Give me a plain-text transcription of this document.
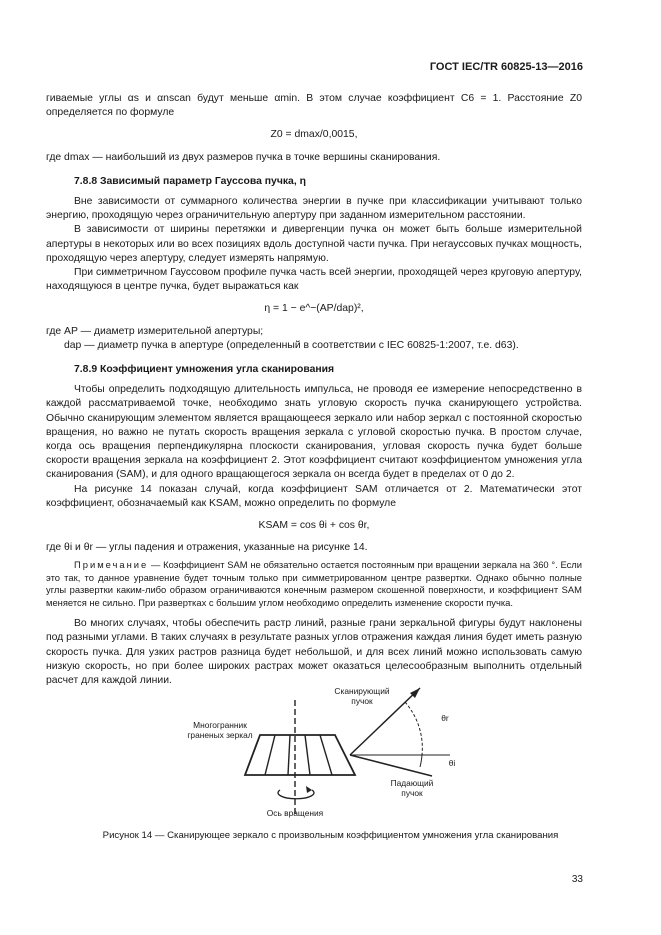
ГОСТ IEC/TR 60825-13—2016

гиваемые углы αs и αnscan будут меньше αmin. В этом случае коэффициент C6 = 1. Расстояние Z0 определяется по формуле

Z0 = dmax/0,0015,

где dmax — наибольший из двух размеров пучка в точке вершины сканирования.

7.8.8 Зависимый параметр Гауссова пучка, η

Вне зависимости от суммарного количества энергии в пучке при классификации учитывают только энергию, проходящую через ограничительную апертуру при заданном измерительном расстоянии.

В зависимости от ширины перетяжки и дивергенции пучка он может быть больше измерительной апертуры в некоторых или во всех позициях вдоль доступной части пучка. При негауссовых пучках мощность, проходящую через апертуру, следует измерять напрямую.

При симметричном Гауссовом профиле пучка часть всей энергии, проходящей через круговую апертуру, находящуюся в центре пучка, будет выражаться как

η = 1 − e^−(AP/dap)²,

где AP — диаметр измерительной апертуры;

dap — диаметр пучка в апертуре (определенный в соответствии с IEC 60825-1:2007, т.е. d63).

7.8.9 Коэффициент умножения угла сканирования

Чтобы определить подходящую длительность импульса, не проводя ее измерение непосредственно в каждой рассматриваемой точке, необходимо знать угловую скорость пучка сканирующего устройства. Обычно сканирующим элементом является вращающееся зеркало или набор зеркал с постоянной скоростью вращения, но важно не путать скорость вращения зеркала с угловой скоростью пучка. В простом случае, когда ось вращения перпендикулярна плоскости сканирования, угловая скорость пучка будет больше скорости вращения зеркала на коэффициент 2. Этот коэффициент считают коэффициентом умножения угла сканирования (SAM), и для одного вращающегося зеркала он всегда будет в пределах от 0 до 2.

На рисунке 14 показан случай, когда коэффициент SAM отличается от 2. Математически этот коэффициент, обозначаемый как KSAM, можно определить по формуле

KSAM = cos θi + cos θr,

где θi и θr — углы падения и отражения, указанные на рисунке 14.

Примечание — Коэффициент SAM не обязательно остается постоянным при вращении зеркала на 360 °. Если это так, то данное уравнение будет точным только при симметрированном центре развертки. Однако обычно полные углы развертки каким-либо образом ограничиваются конечным размером скошенной поверхности, и коэффициент SAM меняется не сильно. При развертках с большим углом необходимо определить изменение скорости пучка.

Во многих случаях, чтобы обеспечить растр линий, разные грани зеркальной фигуры будут наклонены под разными углами. В таких случаях в результате разных углов отражения каждая линия будет иметь разную скорость пучка. Для узких растров разница будет небольшой, и для всех линий можно использовать самую низкую скорость, но при более широких растрах может оказаться целесообразным выполнить отдельный расчет для каждой линии.

Многогранник граненых зеркал
Сканирующий пучок
Падающий пучок
Ось вращения
θr
θi
Рисунок 14 — Сканирующее зеркало с произвольным коэффициентом умножения угла сканирования
33
